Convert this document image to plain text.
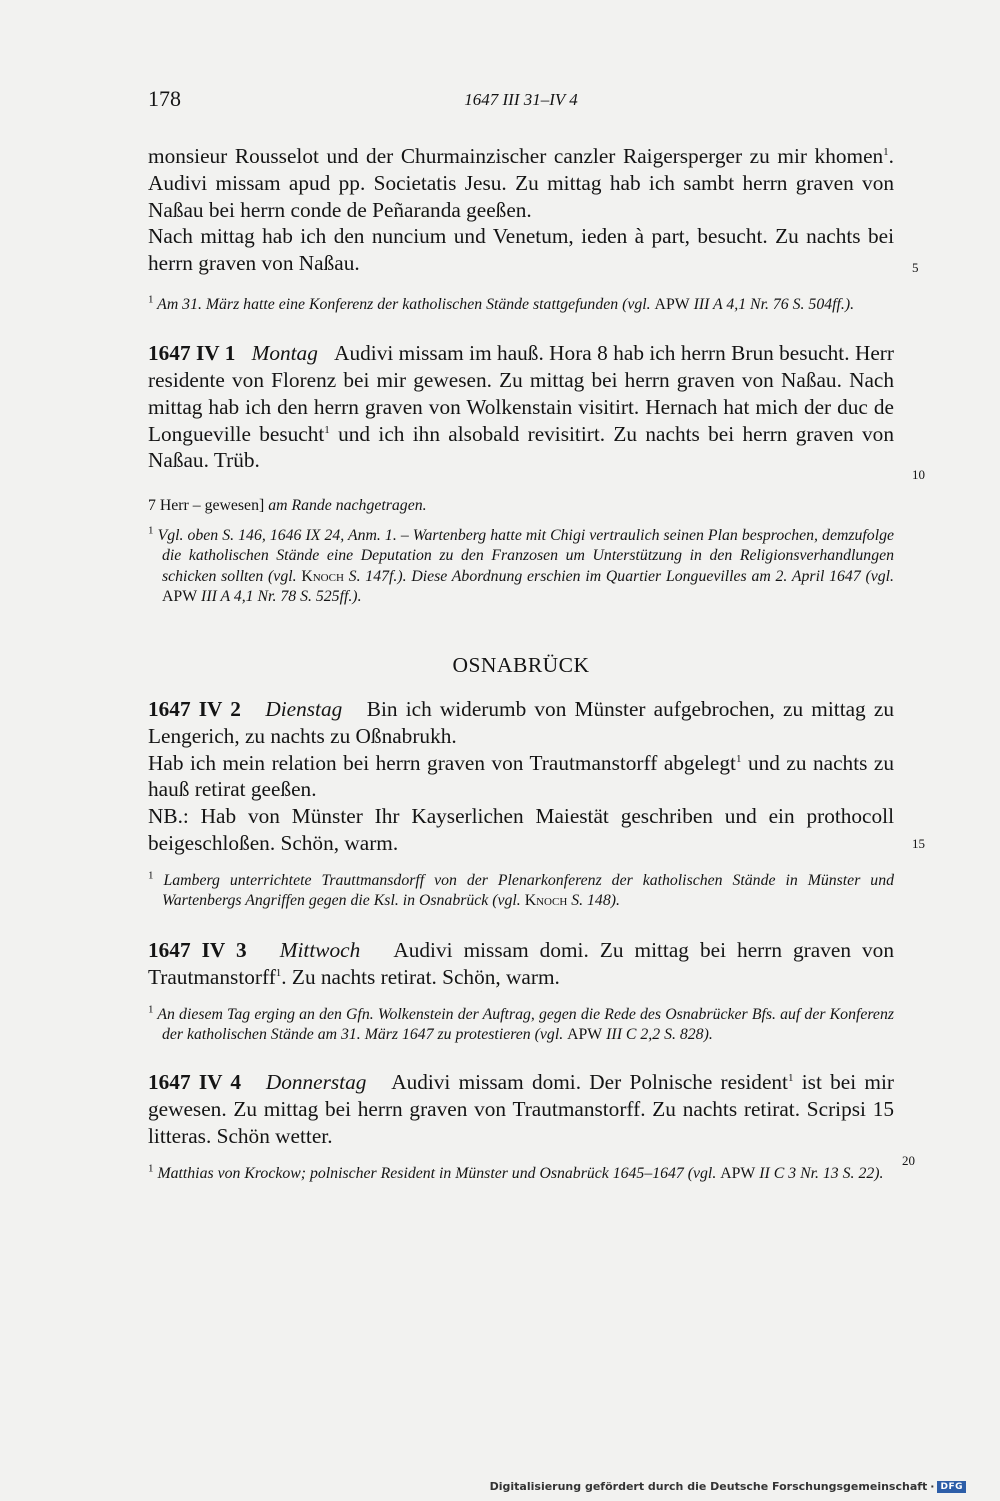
178	1647 III 31–IV 4

monsieur Rousselot und der Churmainzischer canzler Raigersperger zu mir khomen$^1$. Audivi missam apud pp. Societatis Jesu. Zu mittag hab ich sambt herrn graven von Naßau bei herrn conde de Peñaranda geeßen.

Nach mittag hab ich den nuncium und Venetum, ieden à part, besucht. Zu nachts bei herrn graven von Naßau.

$^1$ Am 31. März hatte eine Konferenz der katholischen Stände stattgefunden (vgl. APW III A 4,1 Nr. 76 S. 504ff.).

1647 IV 1 Montag Audivi missam im hauß. Hora 8 hab ich herrn Brun besucht. Herr residente von Florenz bei mir gewesen. Zu mittag bei herrn graven von Naßau. Nach mittag hab ich den herrn graven von Wolkenstain visitirt. Hernach hat mich der duc de Longueville besucht$^1$ und ich ihn alsobald revisitirt. Zu nachts bei herrn graven von Naßau. Trüb.

7 Herr – gewesen] am Rande nachgetragen.

$^1$ Vgl. oben S. 146, 1646 IX 24, Anm. 1. – Wartenberg hatte mit Chigi vertraulich seinen Plan besprochen, demzufolge die katholischen Stände eine Deputation zu den Franzosen um Unterstützung in den Religionsverhandlungen schicken sollten (vgl. Knoch S. 147f.). Diese Abordnung erschien im Quartier Longuevilles am 2. April 1647 (vgl. APW III A 4,1 Nr. 78 S. 525ff.).

OSNABRÜCK

1647 IV 2 Dienstag Bin ich widerumb von Münster aufgebrochen, zu mittag zu Lengerich, zu nachts zu Oßnabrukh.

Hab ich mein relation bei herrn graven von Trautmanstorff abgelegt$^1$ und zu nachts zu hauß retirat geeßen.

NB.: Hab von Münster Ihr Kayserlichen Maiestät geschriben und ein prothocoll beigeschloßen. Schön, warm.

$^1$ Lamberg unterrichtete Trauttmansdorff von der Plenarkonferenz der katholischen Stände in Münster und Wartenbergs Angriffen gegen die Ksl. in Osnabrück (vgl. Knoch S. 148).

1647 IV 3 Mittwoch Audivi missam domi. Zu mittag bei herrn graven von Trautmanstorff$^1$. Zu nachts retirat. Schön, warm.

$^1$ An diesem Tag erging an den Gfn. Wolkenstein der Auftrag, gegen die Rede des Osnabrücker Bfs. auf der Konferenz der katholischen Stände am 31. März 1647 zu protestieren (vgl. APW III C 2,2 S. 828).

1647 IV 4 Donnerstag Audivi missam domi. Der Polnische resident$^1$ ist bei mir gewesen. Zu mittag bei herrn graven von Trautmanstorff. Zu nachts retirat. Scripsi 15 litteras. Schön wetter.

$^1$ Matthias von Krockow; polnischer Resident in Münster und Osnabrück 1645–1647 (vgl. APW II C 3 Nr. 13 S. 22).

5
10
15
20
Digitalisierung gefördert durch die Deutsche Forschungsgemeinschaft · DFG
